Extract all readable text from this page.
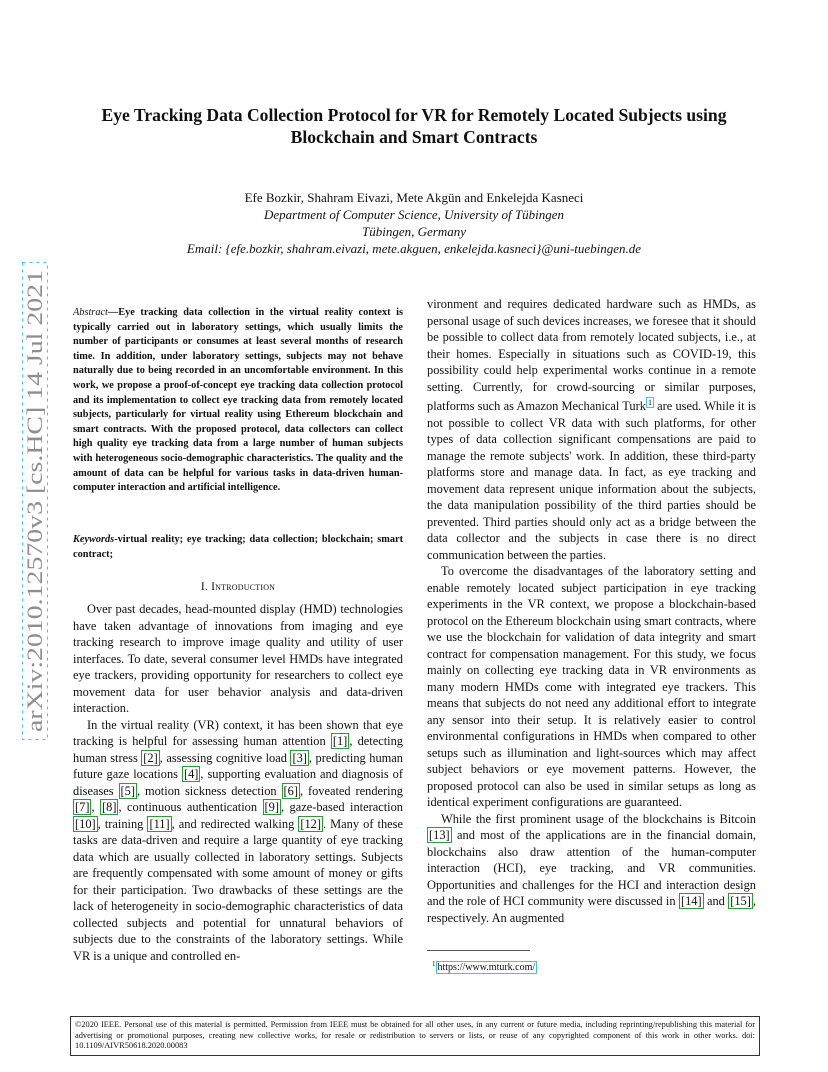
arXiv:2010.12570v3 [cs.HC] 14 Jul 2021
Eye Tracking Data Collection Protocol for VR for Remotely Located Subjects using
Blockchain and Smart Contracts
Efe Bozkir, Shahram Eivazi, Mete Akgün and Enkelejda Kasneci
Department of Computer Science, University of Tübingen
Tübingen, Germany
Email: {efe.bozkir, shahram.eivazi, mete.akguen, enkelejda.kasneci}@uni-tuebingen.de
Abstract—Eye tracking data collection in the virtual reality context is typically carried out in laboratory settings, which usually limits the number of participants or consumes at least several months of research time. In addition, under laboratory settings, subjects may not behave naturally due to being recorded in an uncomfortable environment. In this work, we propose a proof-of-concept eye tracking data collection protocol and its implementation to collect eye tracking data from remotely located subjects, particularly for virtual reality using Ethereum blockchain and smart contracts. With the proposed protocol, data collectors can collect high quality eye tracking data from a large number of human subjects with heterogeneous socio-demographic characteristics. The quality and the amount of data can be helpful for various tasks in data-driven human-computer interaction and artificial intelligence.
Keywords-virtual reality; eye tracking; data collection; blockchain; smart contract;
I. Introduction

Over past decades, head-mounted display (HMD) technologies have taken advantage of innovations from imaging and eye tracking research to improve image quality and utility of user interfaces. To date, several consumer level HMDs have integrated eye trackers, providing opportunity for researchers to collect eye movement data for user behavior analysis and data-driven interaction.

In the virtual reality (VR) context, it has been shown that eye tracking is helpful for assessing human attention [1] , detecting human stress [2] , assessing cognitive load [3] , predicting human future gaze locations [4] , supporting evaluation and diagnosis of diseases [5] , motion sickness detection [6] , foveated rendering [7] , [8] , continuous authentication [9] , gaze-based interaction [10] , training [11] , and redirected walking [12] . Many of these tasks are data-driven and require a large quantity of eye tracking data which are usually collected in laboratory settings. Subjects are frequently compensated with some amount of money or gifts for their participation. Two drawbacks of these settings are the lack of heterogeneity in socio-demographic characteristics of data collected subjects and potential for unnatural behaviors of subjects due to the constraints of the laboratory settings. While VR is a unique and controlled en-

vironment and requires dedicated hardware such as HMDs, as personal usage of such devices increases, we foresee that it should be possible to collect data from remotely located subjects, i.e., at their homes. Especially in situations such as COVID-19, this possibility could help experimental works continue in a remote setting. Currently, for crowd-sourcing or similar purposes, platforms such as Amazon Mechanical Turk $^1$ are used. While it is not possible to collect VR data with such platforms, for other types of data collection significant compensations are paid to manage the remote subjects' work. In addition, these third-party platforms store and manage data. In fact, as eye tracking and movement data represent unique information about the subjects, the data manipulation possibility of the third parties should be prevented. Third parties should only act as a bridge between the data collector and the subjects in case there is no direct communication between the parties.

To overcome the disadvantages of the laboratory setting and enable remotely located subject participation in eye tracking experiments in the VR context, we propose a blockchain-based protocol on the Ethereum blockchain using smart contracts, where we use the blockchain for validation of data integrity and smart contract for compensation management. For this study, we focus mainly on collecting eye tracking data in VR environments as many modern HMDs come with integrated eye trackers. This means that subjects do not need any additional effort to integrate any sensor into their setup. It is relatively easier to control environmental configurations in HMDs when compared to other setups such as illumination and light-sources which may affect subject behaviors or eye movement patterns. However, the proposed protocol can also be used in similar setups as long as identical experiment configurations are guaranteed.

While the first prominent usage of the blockchains is Bitcoin [13] and most of the applications are in the financial domain, blockchains also draw attention of the human-computer interaction (HCI), eye tracking, and VR communities. Opportunities and challenges for the HCI and interaction design and the role of HCI community were discussed in [14] and [15] , respectively. An augmented

$^1$ https://www.mturk.com/
©2020 IEEE. Personal use of this material is permitted. Permission from IEEE must be obtained for all other uses, in any current or future media, including reprinting/republishing this material for advertising or promotional purposes, creating new collective works, for resale or redistribution to servers or lists, or reuse of any copyrighted component of this work in other works. doi: 10.1109/AIVR50618.2020.00083
